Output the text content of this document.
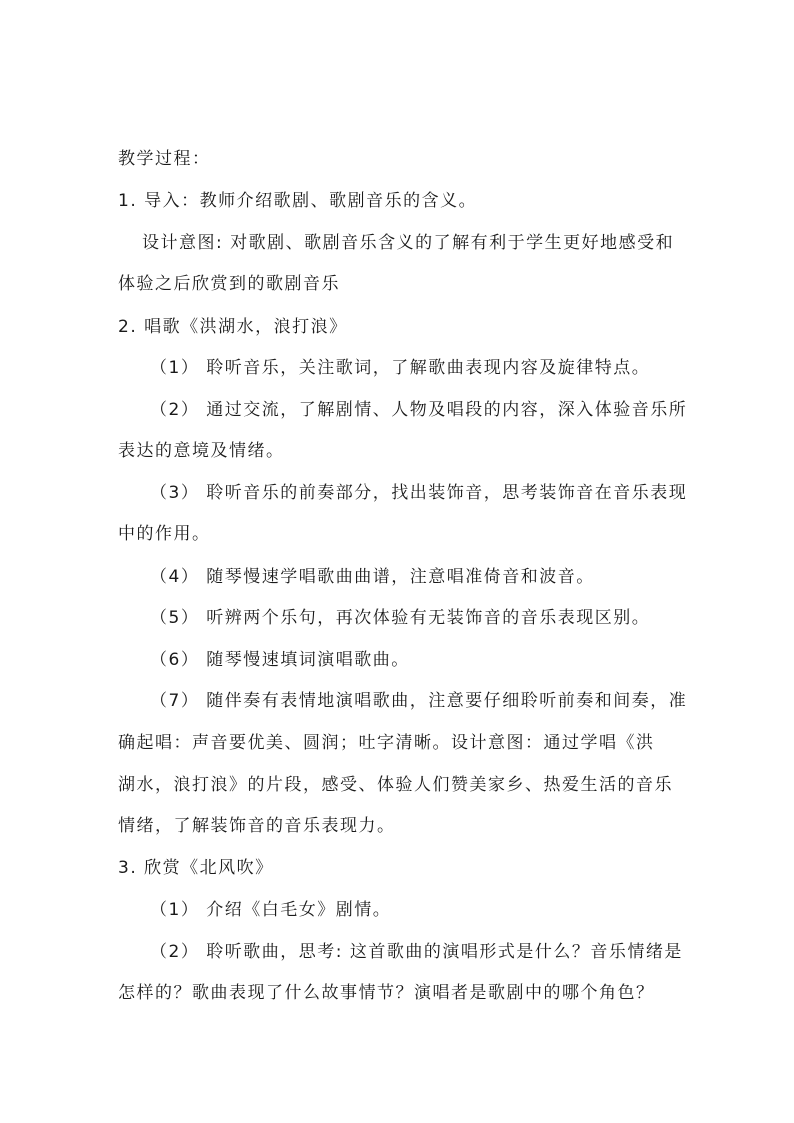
教学过程：

1. 导入：教师介绍歌剧、歌剧音乐的含义。

设计意图: 对歌剧、歌剧音乐含义的了解有利于学生更好地感受和

体验之后欣赏到的歌剧音乐

2. 唱歌《洪湖水，浪打浪》

（1） 聆听音乐，关注歌词，了解歌曲表现内容及旋律特点。

（2） 通过交流，了解剧情、人物及唱段的内容，深入体验音乐所

表达的意境及情绪。

（3） 聆听音乐的前奏部分，找出装饰音，思考装饰音在音乐表现

中的作用。

（4） 随琴慢速学唱歌曲曲谱，注意唱准倚音和波音。

（5） 听辨两个乐句，再次体验有无装饰音的音乐表现区别。

（6） 随琴慢速填词演唱歌曲。

（7） 随伴奏有表情地演唱歌曲，注意要仔细聆听前奏和间奏，准

确起唱：声音要优美、圆润；吐字清晰。设计意图：通过学唱《洪

湖水，浪打浪》的片段，感受、体验人们赞美家乡、热爱生活的音乐

情绪，了解装饰音的音乐表现力。

3. 欣赏《北风吹》

（1） 介绍《白毛女》剧情。

（2） 聆听歌曲，思考: 这首歌曲的演唱形式是什么？音乐情绪是

怎样的？歌曲表现了什么故事情节？演唱者是歌剧中的哪个角色？
